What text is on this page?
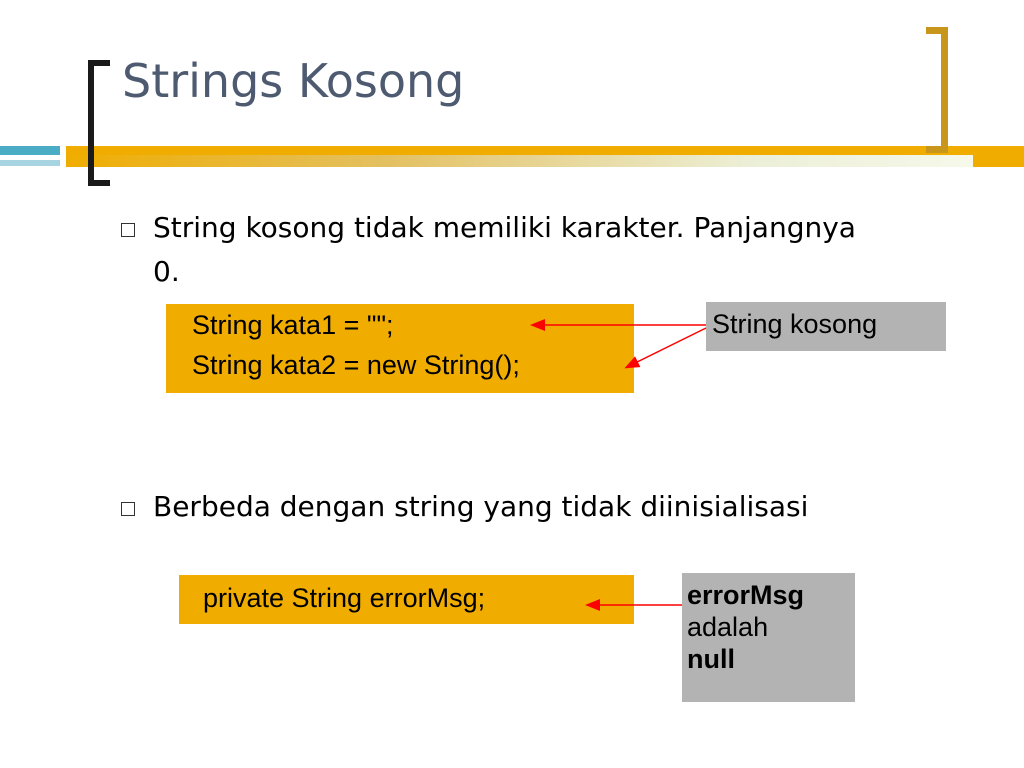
Strings Kosong
String kosong tidak memiliki karakter. Panjangnya
0.
String kata1 = "";
String kata2 = new String();
String kosong
Berbeda dengan string yang tidak diinisialisasi
private String errorMsg;	errorMsg
adalah
null
